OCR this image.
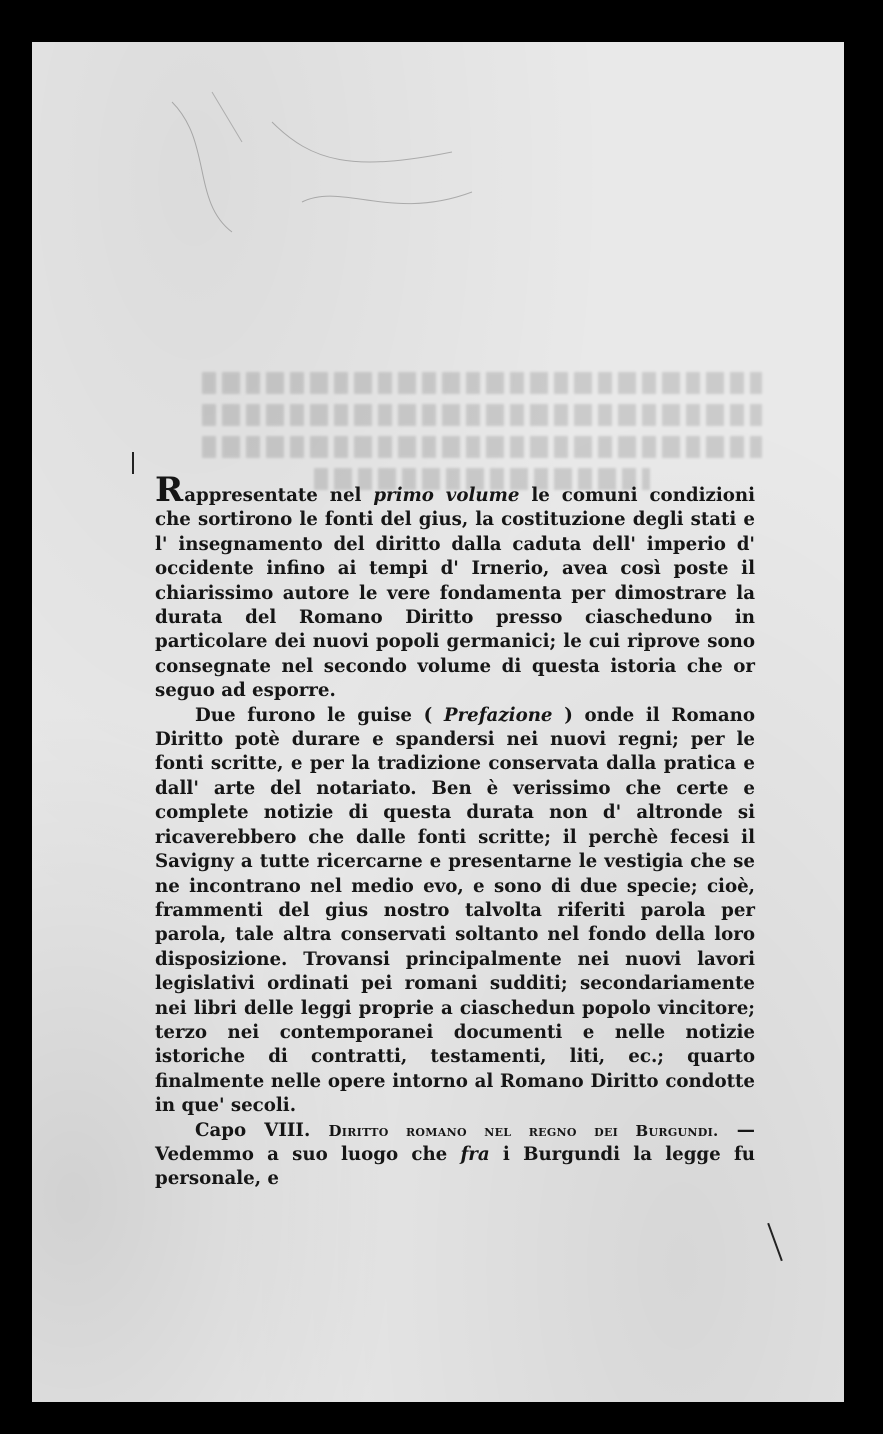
Rappresentate nel primo volume le comuni condizioni che sortirono le fonti del gius, la costituzione degli stati e l' insegnamento del diritto dalla caduta dell' imperio d' occidente infino ai tempi d' Irnerio, avea così poste il chiarissimo autore le vere fondamenta per dimostrare la durata del Romano Diritto presso ciascheduno in particolare dei nuovi popoli germanici; le cui riprove sono consegnate nel secondo volume di questa istoria che or seguo ad esporre.

Due furono le guise ( Prefazione ) onde il Romano Diritto potè durare e spandersi nei nuovi regni; per le fonti scritte, e per la tradizione conservata dalla pratica e dall' arte del notariato. Ben è verissimo che certe e complete notizie di questa durata non d' altronde si ricaverebbero che dalle fonti scritte; il perchè fecesi il Savigny a tutte ricercarne e presentarne le vestigia che se ne incontrano nel medio evo, e sono di due specie; cioè, frammenti del gius nostro talvolta riferiti parola per parola, tale altra conservati soltanto nel fondo della loro disposizione. Trovansi principalmente nei nuovi lavori legislativi ordinati pei romani sudditi; secondariamente nei libri delle leggi proprie a ciaschedun popolo vincitore; terzo nei contemporanei documenti e nelle notizie istoriche di contratti, testamenti, liti, ec.; quarto finalmente nelle opere intorno al Romano Diritto condotte in que' secoli.

Capo VIII. Diritto romano nel regno dei Burgundi. — Vedemmo a suo luogo che fra i Burgundi la legge fu personale, e
